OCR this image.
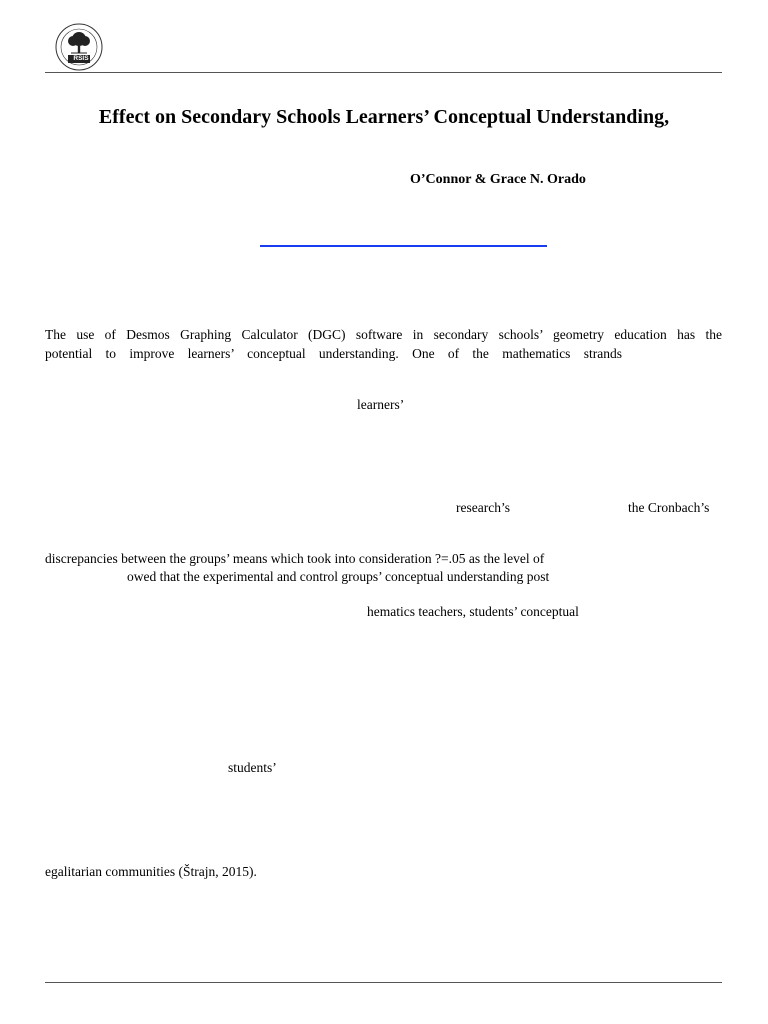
RSIS
Effect on Secondary Schools Learners’ Conceptual Understanding,
O’Connor & Grace N. Orado
The use of Desmos Graphing Calculator (DGC) software in secondary schools’ geometry education has the
potential to improve learners’ conceptual understanding. One of the mathematics strands
learners’
research’s	the Cronbach’s
discrepancies between the groups’ means which took into consideration ?=.05 as the level of
owed that the experimental and control groups’ conceptual understanding post
hematics teachers, students’ conceptual
students’
egalitarian communities (Štrajn, 2015).
